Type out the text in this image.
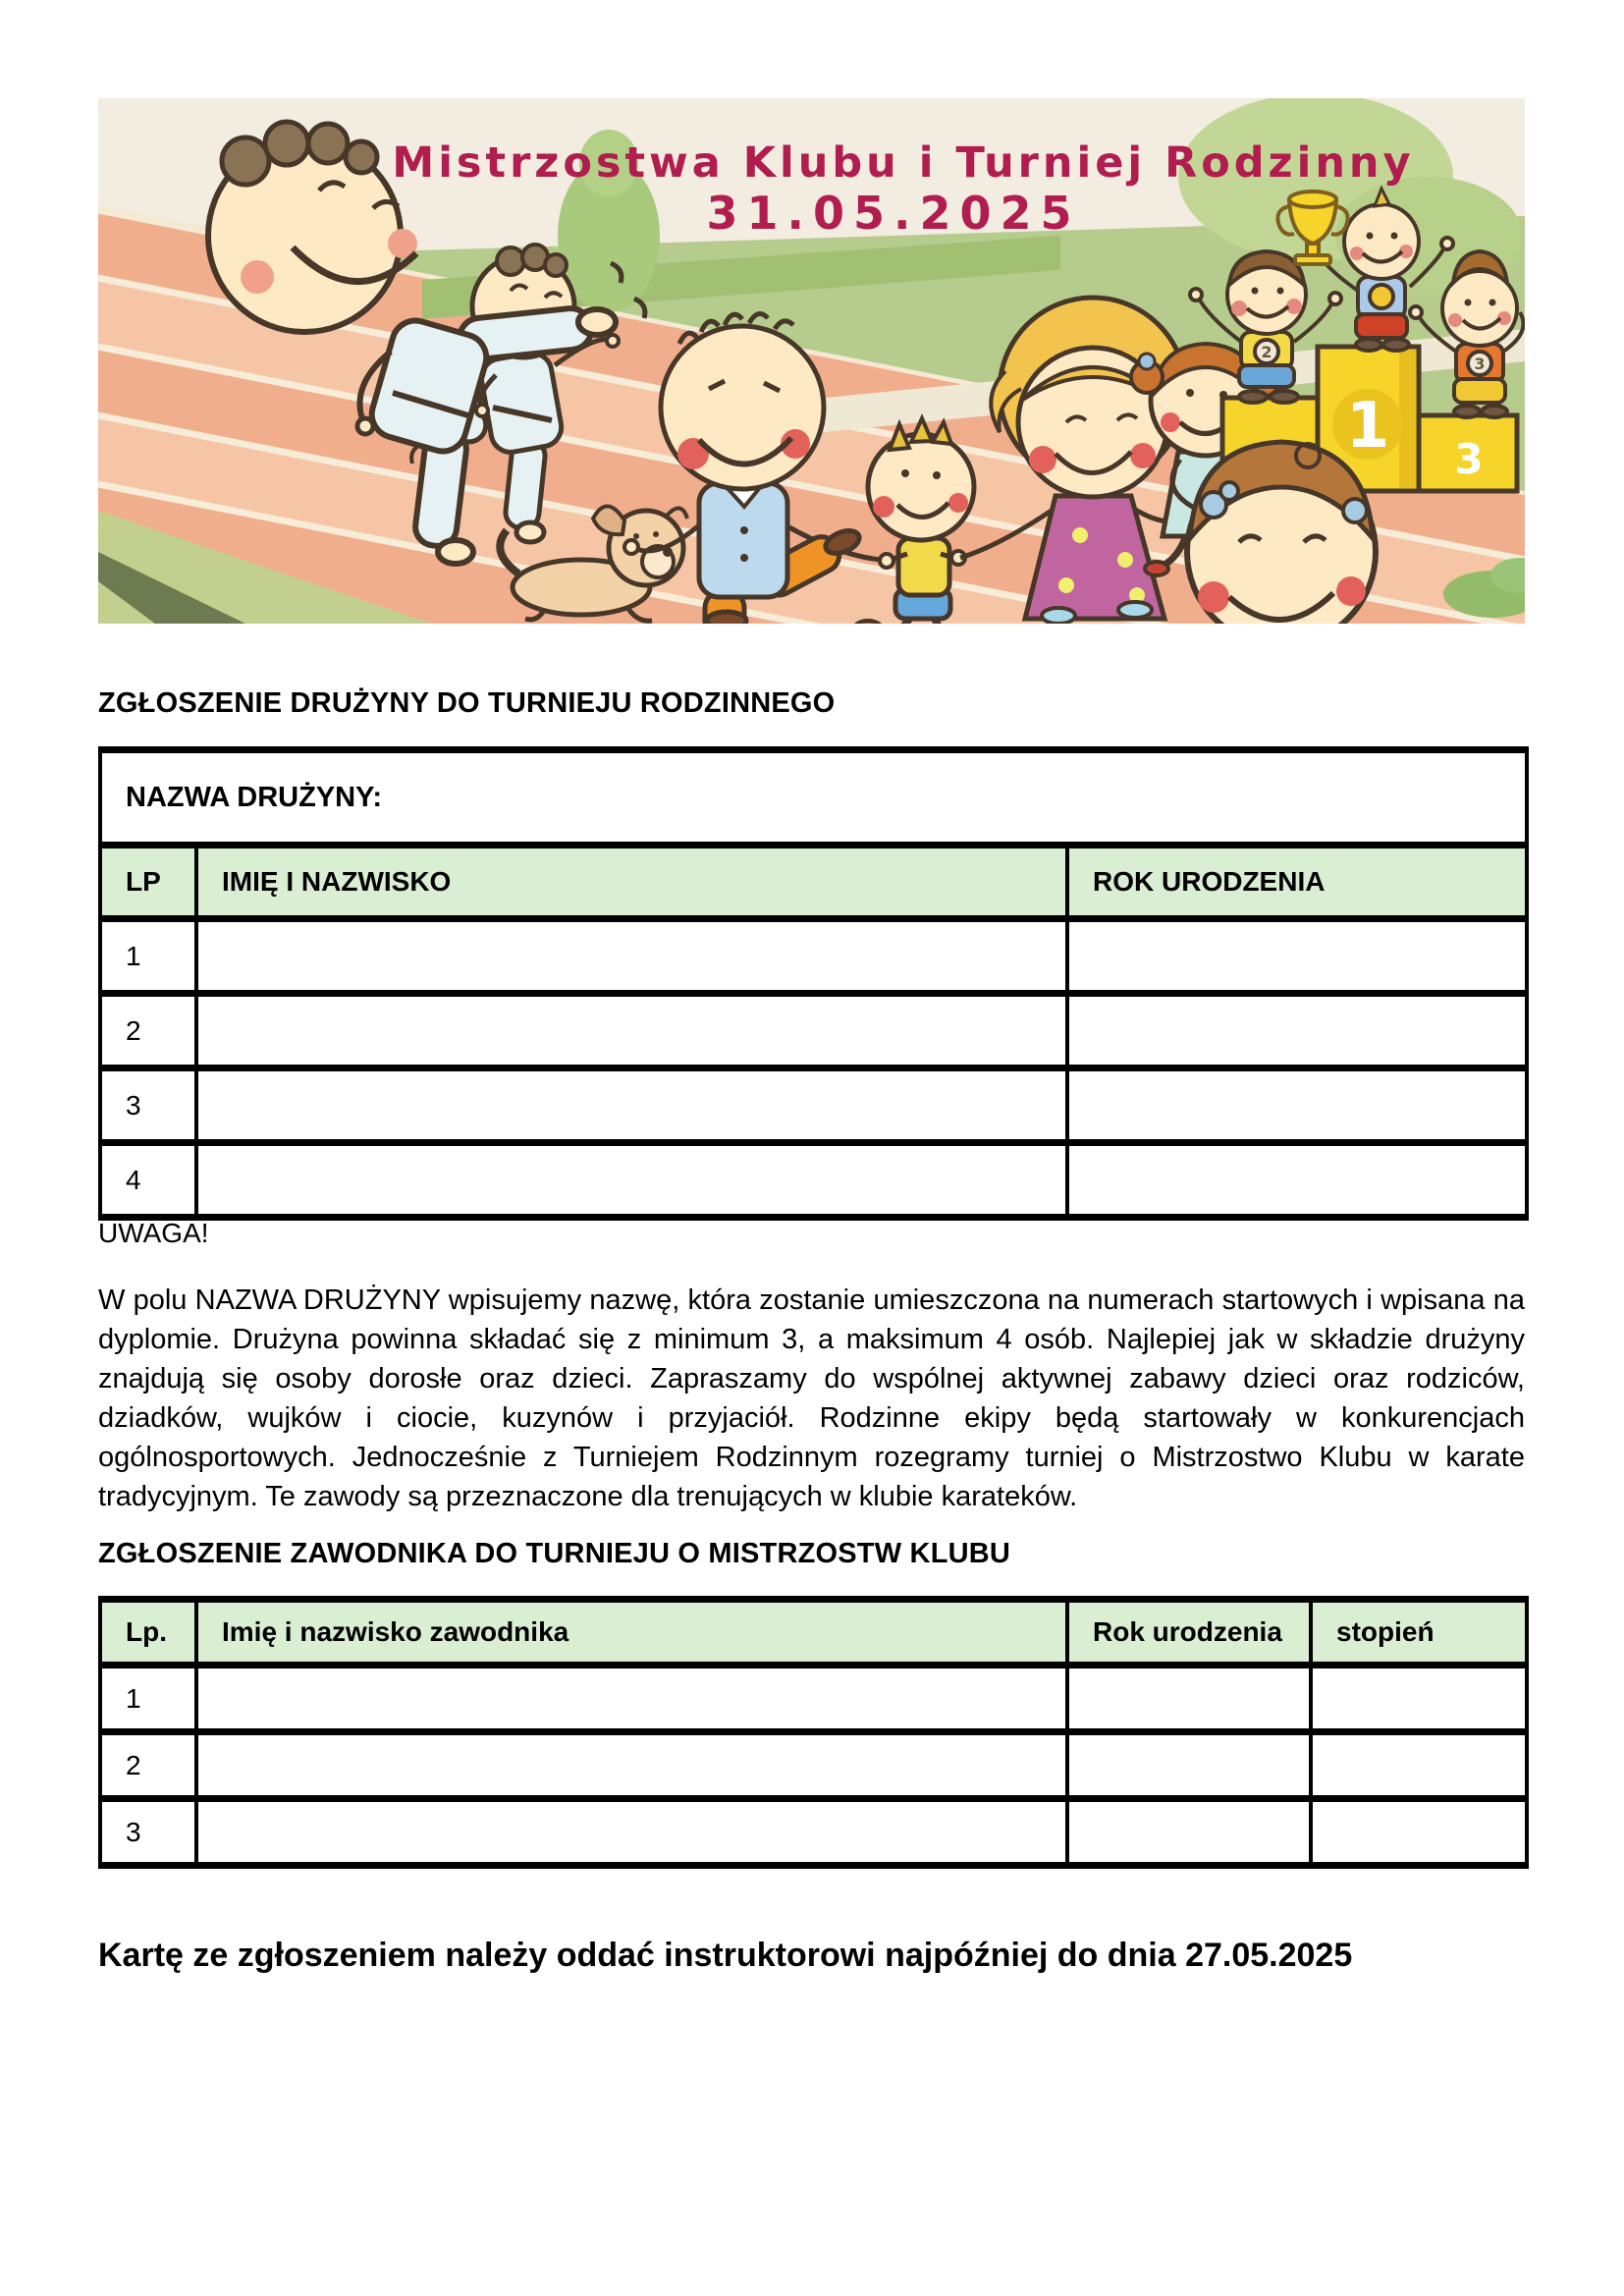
Mistrzostwa Klubu i Turniej Rodzinny
31.05.2025
1 3
2
3
ZGŁOSZENIE DRUŻYNY DO TURNIEJU RODZINNEGO
NAZWA DRUŻYNY:		
LP	IMIĘ I NAZWISKO	ROK URODZENIA
1		
2		
3		
4		
UWAGA!
W polu NAZWA DRUŻYNY wpisujemy nazwę, która zostanie umieszczona na numerach startowych i wpisana na dyplomie. Drużyna powinna składać się z minimum 3, a maksimum 4 osób. Najlepiej jak w składzie drużyny znajdują się osoby dorosłe oraz dzieci. Zapraszamy do wspólnej aktywnej zabawy dzieci oraz rodziców, dziadków, wujków i ciocie, kuzynów i przyjaciół. Rodzinne ekipy będą startowały w konkurencjach ogólnosportowych. Jednocześnie z Turniejem Rodzinnym rozegramy turniej o Mistrzostwo Klubu w karate tradycyjnym. Te zawody są przeznaczone dla trenujących w klubie karateków.
ZGŁOSZENIE ZAWODNIKA DO TURNIEJU O MISTRZOSTW KLUBU
Lp.	Imię i nazwisko zawodnika	Rok urodzenia	stopień
1			
2			
3			
Kartę ze zgłoszeniem należy oddać instruktorowi najpóźniej do dnia 27.05.2025
